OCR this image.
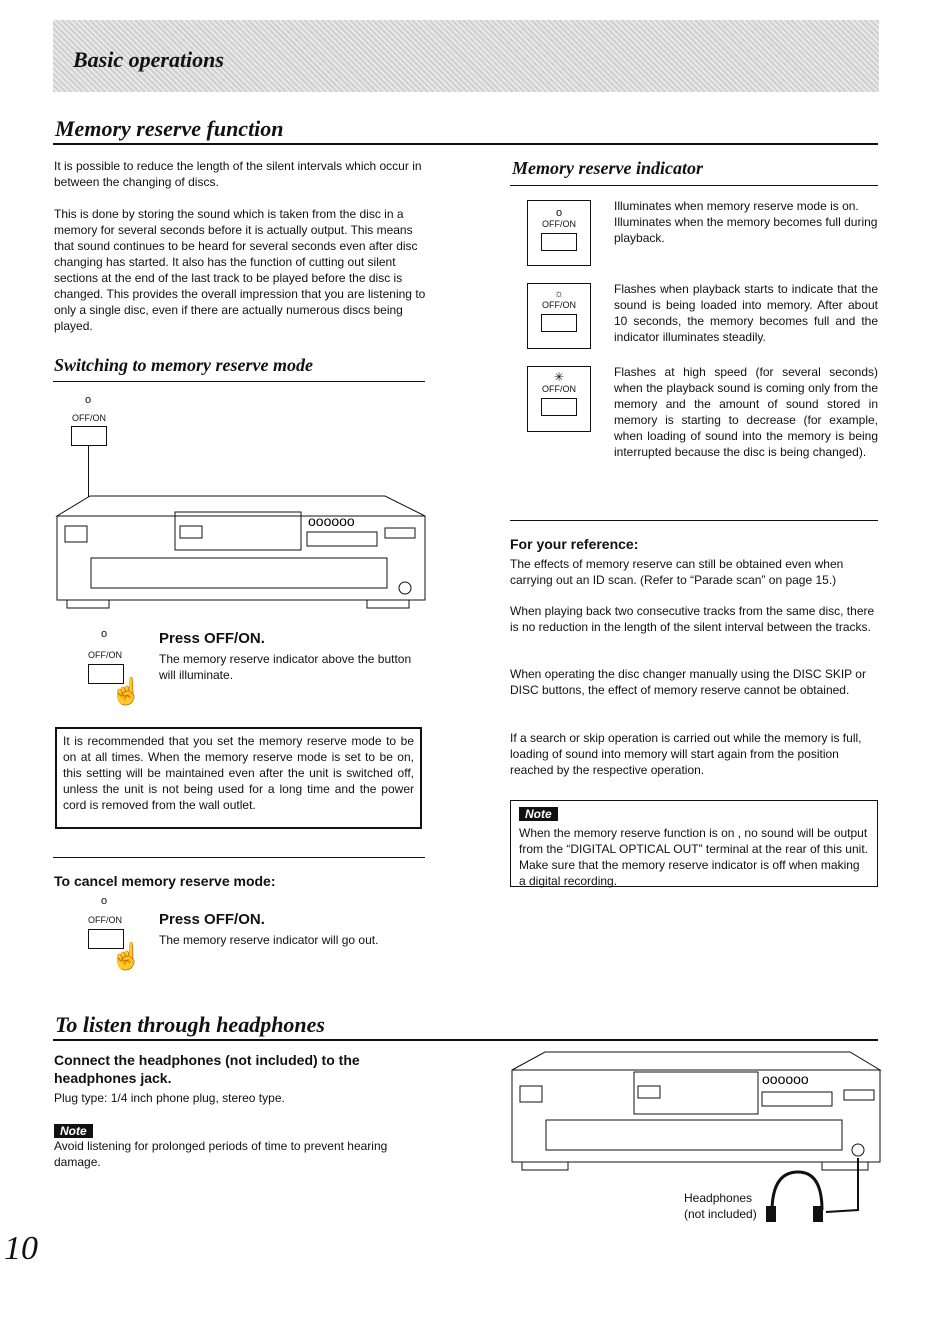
Basic operations
Memory reserve function
It is possible to reduce the length of the silent intervals which occur in between the changing of discs.
This is done by storing the sound which is taken from the disc in a memory for several seconds before it is actually output. This means that sound continues to be heard for several seconds even after disc changing has started. It also has the function of cutting out silent sections at the end of the last track to be played before the disc is changed. This provides the overall impression that you are listening to only a single disc, even if there are actually numerous discs being played.
Switching to memory reserve mode
o
OFF/ON
oooooo
o
OFF/ON
☝
Press OFF/ON.
The memory reserve indicator above the button will illuminate.
It is recommended that you set the memory reserve mode to be on at all times. When the memory reserve mode is set to be on, this setting will be maintained even after the unit is switched off, unless the unit is not being used for a long time and the power cord is removed from the wall outlet.
To cancel memory reserve mode:
o
OFF/ON
☝
Press OFF/ON.
The memory reserve indicator will go out.
Memory reserve indicator
o
OFF/ON
Illuminates when memory reserve mode is on. Illuminates when the memory becomes full during playback.
☼
OFF/ON
Flashes when playback starts to indicate that the sound is being loaded into memory. After about 10 seconds, the memory becomes full and the indicator illuminates steadily.
✳
OFF/ON
Flashes at high speed (for several seconds) when the playback sound is coming only from the memory and the amount of sound stored in memory is starting to decrease (for example, when loading of sound into the memory is being interrupted because the disc is being changed).
For your reference:
The effects of memory reserve can still be obtained even when carrying out an ID scan. (Refer to “Parade scan” on page 15.)
When playing back two consecutive tracks from the same disc, there is no reduction in the length of the silent interval between the tracks.
When operating the disc changer manually using the DISC SKIP or DISC buttons, the effect of memory reserve cannot be obtained.
If a search or skip operation is carried out while the memory is full, loading of sound into memory will start again from the position reached by the respective operation.
Note
When the memory reserve function is on , no sound will be output from the “DIGITAL OPTICAL OUT” terminal at the rear of this unit. Make sure that the memory reserve indicator is off when making a digital recording.
To listen through headphones
Connect the headphones (not included) to the headphones jack.
Plug type: 1/4 inch phone plug, stereo type.
Note
Avoid listening for prolonged periods of time to prevent hearing damage.
oooooo
Headphones
(not included)
10
